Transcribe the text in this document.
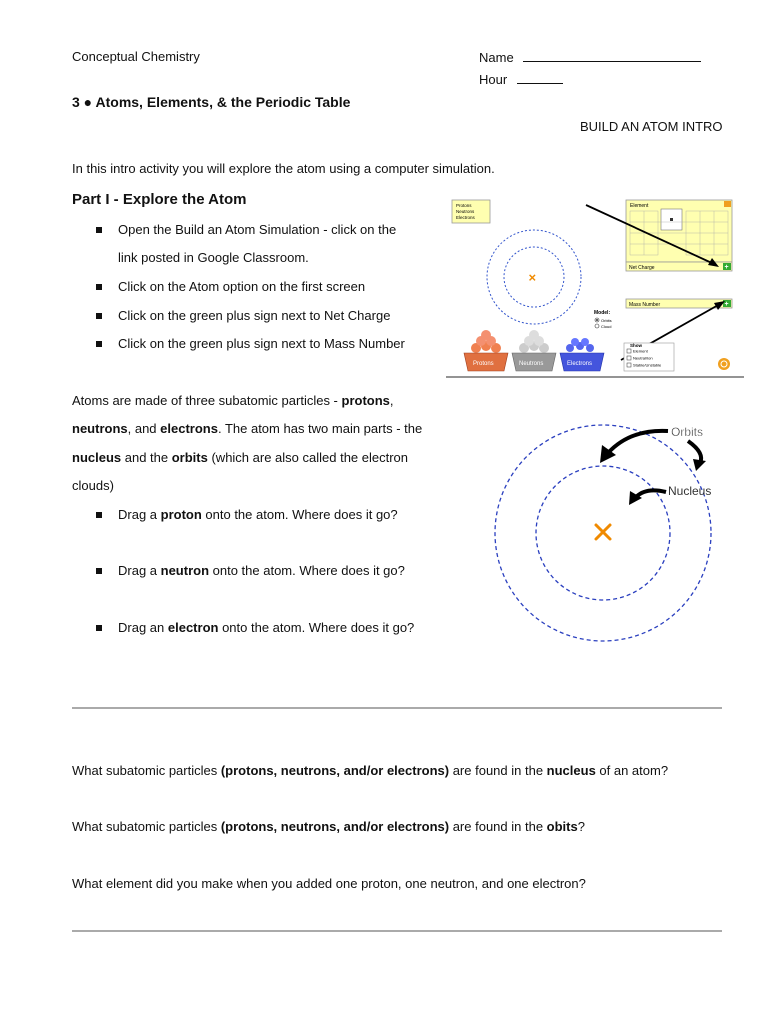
Conceptual Chemistry	Name
Hour
3 ● Atoms, Elements, & the Periodic Table
BUILD AN ATOM INTRO
In this intro activity you will explore the atom using a computer simulation.
Part I - Explore the Atom
Open the Build an Atom Simulation - click on the
link posted in Google Classroom.
Click on the Atom option on the first screen
Click on the green plus sign next to Net Charge
Click on the green plus sign next to Mass Number
Protons
Neutrons
Electrons
×
Element
Net Charge	+
Mass Number	+
Model:
Orbits
Cloud
Show
Element
Neutral/Ion
Stable/Unstable
Protons	Neutrons	Electrons
Atoms are made of three subatomic particles - protons,
neutrons, and electrons. The atom has two main parts - the
nucleus and the orbits (which are also called the electron
clouds)
Drag a proton onto the atom. Where does it go?
Drag a neutron onto the atom. Where does it go?
Drag an electron onto the atom. Where does it go?
Orbits
Nucleus
What subatomic particles (protons, neutrons, and/or electrons) are found in the nucleus of an atom?
What subatomic particles (protons, neutrons, and/or electrons) are found in the obits?
What element did you make when you added one proton, one neutron, and one electron?
